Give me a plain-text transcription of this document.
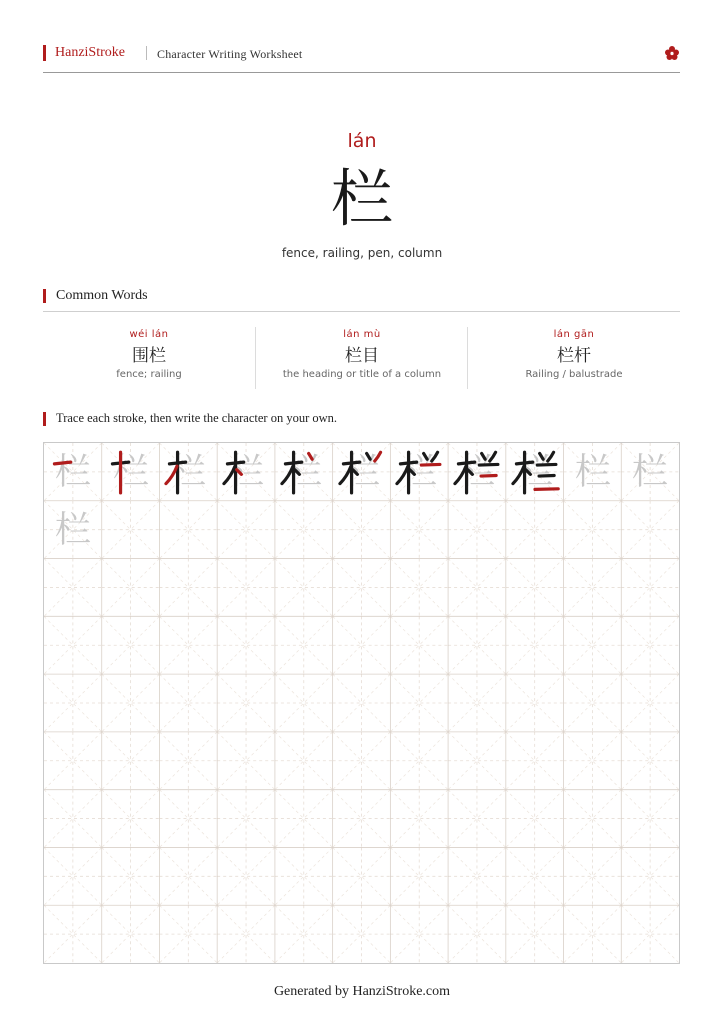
HanziStroke	Character Writing Worksheet
lán
栏
fence, railing, pen, column
Common Words
wéi lán
围栏
fence; railing
lán mù
栏目
the heading or title of a column
lán gān
栏杆
Railing / balustrade
Trace each stroke, then write the character on your own.
栏 栏 栏 栏 栏 栏 栏 栏 栏 栏 栏
栏
Generated by HanziStroke.com
